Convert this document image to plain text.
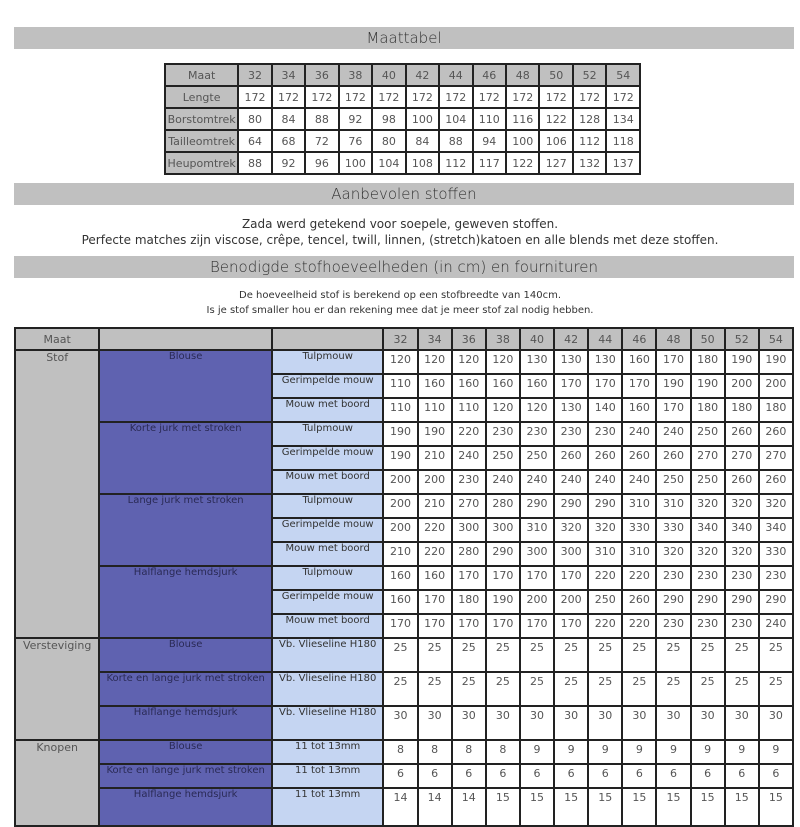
Maattabel
Maat	32	34	36	38	40	42	44	46	48	50	52	54
Lengte	172	172	172	172	172	172	172	172	172	172	172	172
Borstomtrek	80	84	88	92	98	100	104	110	116	122	128	134
Tailleomtrek	64	68	72	76	80	84	88	94	100	106	112	118
Heupomtrek	88	92	96	100	104	108	112	117	122	127	132	137
Aanbevolen stoffen
Zada werd getekend voor soepele, geweven stoffen.
Perfecte matches zijn viscose, crêpe, tencel, twill, linnen, (stretch)katoen en alle blends met deze stoffen.
Benodigde stofhoeveelheden (in cm) en fournituren
De hoeveelheid stof is berekend op een stofbreedte van 140cm.
Is je stof smaller hou er dan rekening mee dat je meer stof zal nodig hebben.
Maat			32	34	36	38	40	42	44	46	48	50	52	54
Stof	Blouse	Tulpmouw	120	120	120	120	130	130	130	160	170	180	190	190
		Gerimpelde mouw	110	160	160	160	160	170	170	170	190	190	200	200
		Mouw met boord	110	110	110	120	120	130	140	160	170	180	180	180
	Korte jurk met stroken	Tulpmouw	190	190	220	230	230	230	230	240	240	250	260	260
		Gerimpelde mouw	190	210	240	250	250	260	260	260	260	270	270	270
		Mouw met boord	200	200	230	240	240	240	240	240	250	250	260	260
	Lange jurk met stroken	Tulpmouw	200	210	270	280	290	290	290	310	310	320	320	320
		Gerimpelde mouw	200	220	300	300	310	320	320	330	330	340	340	340
		Mouw met boord	210	220	280	290	300	300	310	310	320	320	320	330
	Halflange hemdsjurk	Tulpmouw	160	160	170	170	170	170	220	220	230	230	230	230
		Gerimpelde mouw	160	170	180	190	200	200	250	260	290	290	290	290
		Mouw met boord	170	170	170	170	170	170	220	220	230	230	230	240
Versteviging	Blouse	Vb. Vlieseline H180	25	25	25	25	25	25	25	25	25	25	25	25
	Korte en lange jurk met stroken	Vb. Vlieseline H180	25	25	25	25	25	25	25	25	25	25	25	25
	Halflange hemdsjurk	Vb. Vlieseline H180	30	30	30	30	30	30	30	30	30	30	30	30
Knopen	Blouse	11 tot 13mm	8	8	8	8	9	9	9	9	9	9	9	9
	Korte en lange jurk met stroken	11 tot 13mm	6	6	6	6	6	6	6	6	6	6	6	6
	Halflange hemdsjurk	11 tot 13mm	14	14	14	15	15	15	15	15	15	15	15	15
